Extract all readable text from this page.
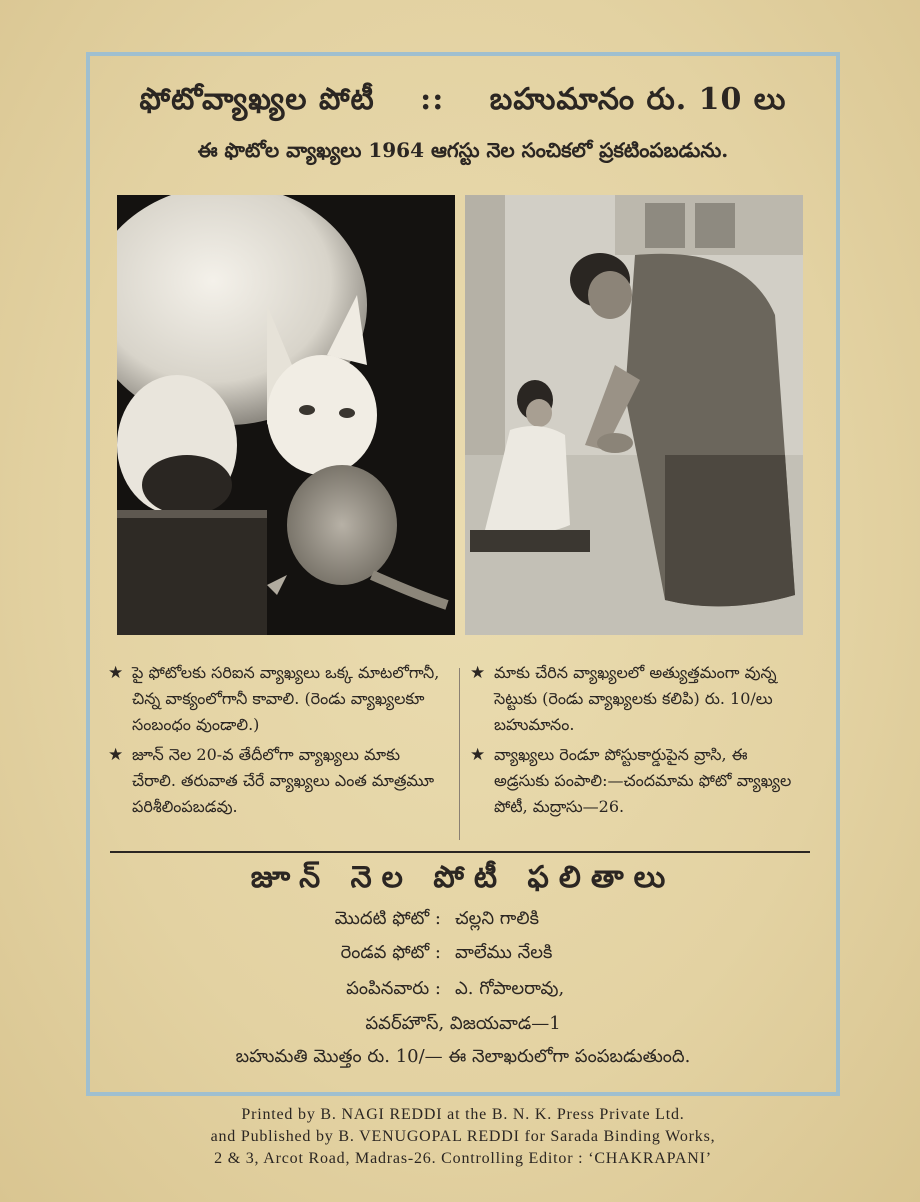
ఫోటోవ్యాఖ్యల పోటీ :: బహుమానం రు. 10 లు
ఈ ఫొటోల వ్యాఖ్యలు 1964 ఆగస్టు నెల సంచికలో ప్రకటింపబడును.
★ పై ఫోటోలకు సరిఐన వ్యాఖ్యలు ఒక్క మాటలోగానీ, చిన్న వాక్యంలోగానీ కావాలి. (రెండు వ్యాఖ్యలకూ సంబంధం వుండాలి.)
★ జూన్ నెల 20-వ తేదీలోగా వ్యాఖ్యలు మాకు చేరాలి. తరువాత చేరే వ్యాఖ్యలు ఎంత మాత్రమూ పరిశీలింపబడవు.
★ మాకు చేరిన వ్యాఖ్యలలో అత్యుత్తమంగా వున్న సెట్టుకు (రెండు వ్యాఖ్యలకు కలిపి) రు. 10/లు బహుమానం.
★ వ్యాఖ్యలు రెండూ పోస్టుకార్డుపైన వ్రాసి, ఈ అడ్రసుకు పంపాలి:—చందమామ ఫోటో వ్యాఖ్యల పోటీ, మద్రాసు—26.
జూన్ నెల పోటీ ఫలితాలు
మొదటి ఫోటో : చల్లని గాలికి
రెండవ ఫోటో : వాలేము నేలకి
పంపినవారు : ఎ. గోపాలరావు,
పవర్‌హౌస్, విజయవాడ—1
బహుమతి మొత్తం రు. 10/— ఈ నెలాఖరులోగా పంపబడుతుంది.
Printed by B. NAGI REDDI at the B. N. K. Press Private Ltd.
and Published by B. VENUGOPAL REDDI for Sarada Binding Works,
2 & 3, Arcot Road, Madras-26. Controlling Editor : ‘CHAKRAPANI’
